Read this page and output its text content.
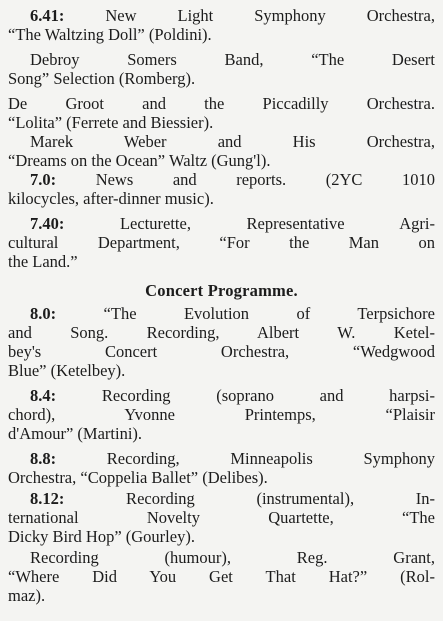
6.41: New Light Symphony Orchestra,
“The Waltzing Doll” (Poldini).
Debroy Somers Band, “The Desert
Song” Selection (Romberg).
De Groot and the Piccadilly Orchestra.
“Lolita” (Ferrete and Biessier).
Marek Weber and His Orchestra,
“Dreams on the Ocean” Waltz (Gung'l).
7.0: News and reports. (2YC 1010
kilocycles, after-dinner music).
7.40: Lecturette, Representative Agri-
cultural Department, “For the Man on
the Land.”
Concert Programme.
8.0: “The Evolution of Terpsichore
and Song. Recording, Albert W. Ketel-
bey's Concert Orchestra, “Wedgwood
Blue” (Ketelbey).
8.4: Recording (soprano and harpsi-
chord), Yvonne Printemps, “Plaisir
d'Amour” (Martini).
8.8: Recording, Minneapolis Symphony
Orchestra, “Coppelia Ballet” (Delibes).
8.12: Recording (instrumental), In-
ternational Novelty Quartette, “The
Dicky Bird Hop” (Gourley).
Recording (humour), Reg. Grant,
“Where Did You Get That Hat?” (Rol-
maz).
